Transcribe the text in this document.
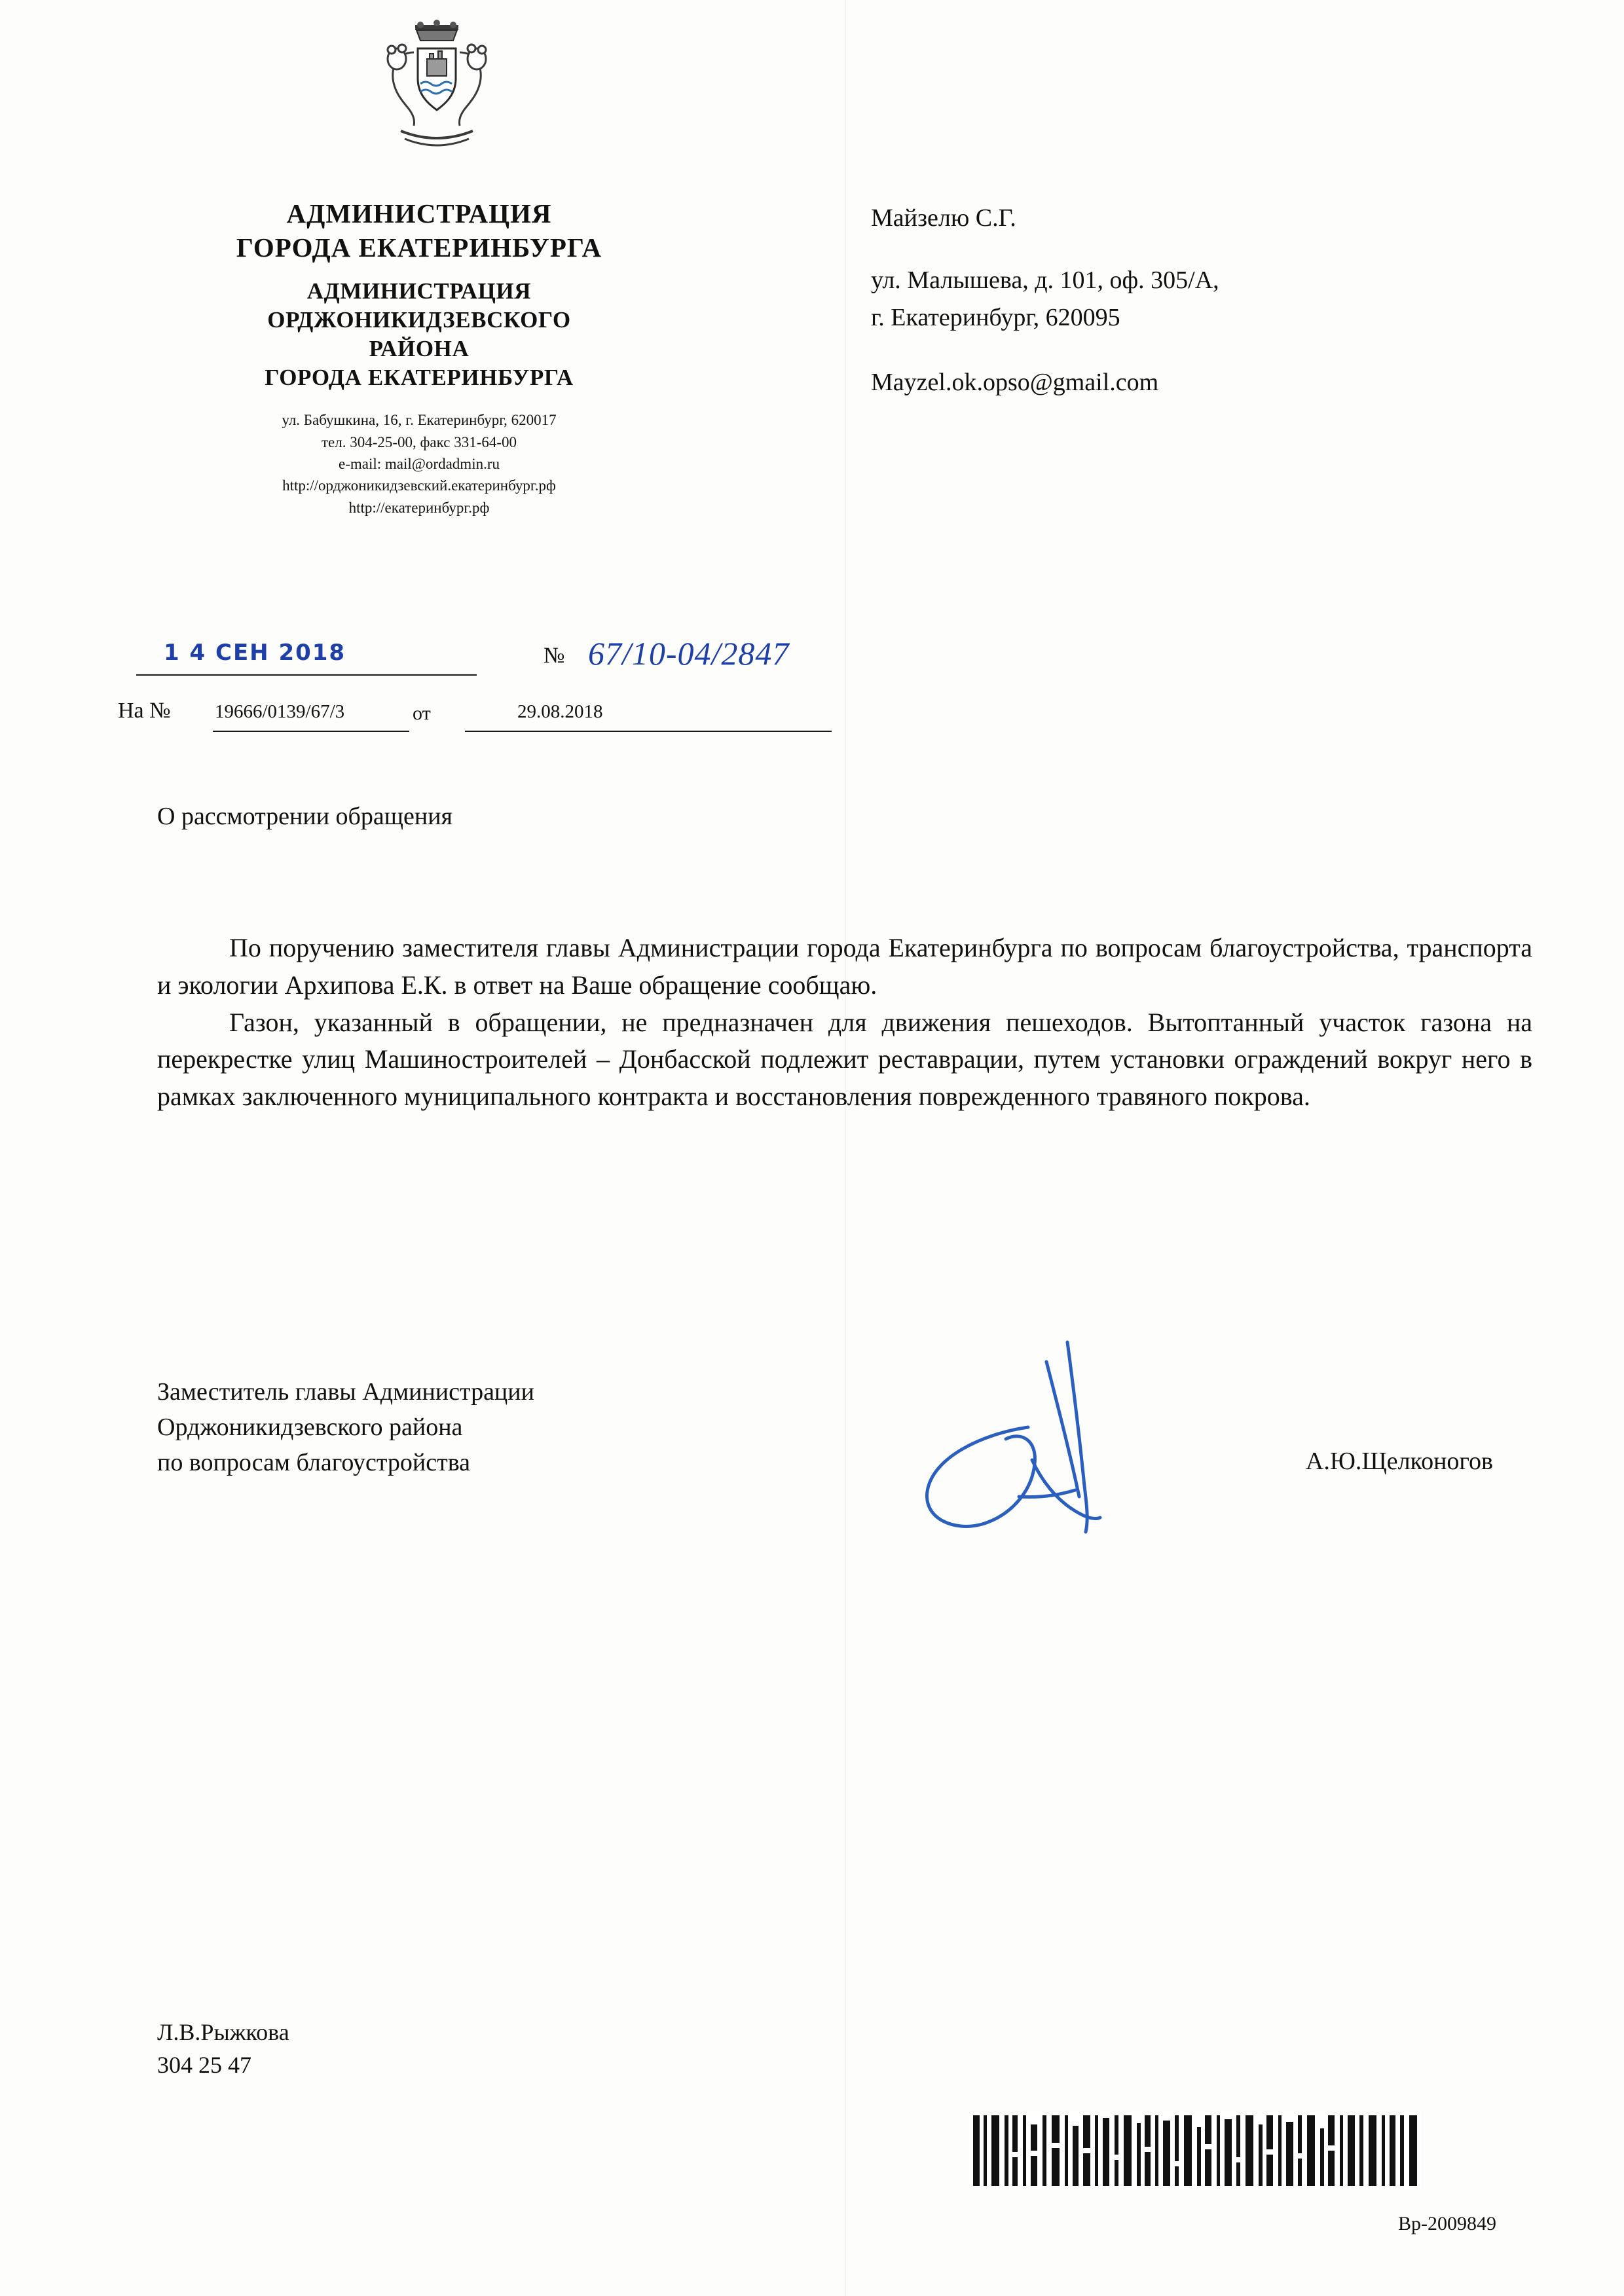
АДМИНИСТРАЦИЯ
ГОРОДА ЕКАТЕРИНБУРГА
АДМИНИСТРАЦИЯ
ОРДЖОНИКИДЗЕВСКОГО
РАЙОНА
ГОРОДА ЕКАТЕРИНБУРГА
ул. Бабушкина, 16, г. Екатеринбург, 620017
тел. 304-25-00, факс 331-64-00
e-mail: mail@ordadmin.ru
http://орджоникидзевский.екатеринбург.рф
http://екатеринбург.рф
Майзелю С.Г.
ул. Малышева, д. 101, оф. 305/А,
г. Екатеринбург, 620095
Mayzel.ok.opso@gmail.com
1 4 СЕН 2018	№ 67/10-04/2847
На № 19666/0139/67/3	от	29.08.2018
О рассмотрении обращения

По поручению заместителя главы Администрации города Екатеринбурга по вопросам благоустройства, транспорта и экологии Архипова Е.К. в ответ на Ваше обращение сообщаю.

Газон, указанный в обращении, не предназначен для движения пешеходов. Вытоптанный участок газона на перекрестке улиц Машиностроителей – Донбасской подлежит реставрации, путем установки ограждений вокруг него в рамках заключенного муниципального контракта и восстановления поврежденного травяного покрова.

Заместитель главы Администрации
Орджоникидзевского района
по вопросам благоустройства	А.Ю.Щелконогов
Л.В.Рыжкова
304 25 47
Вр-2009849
